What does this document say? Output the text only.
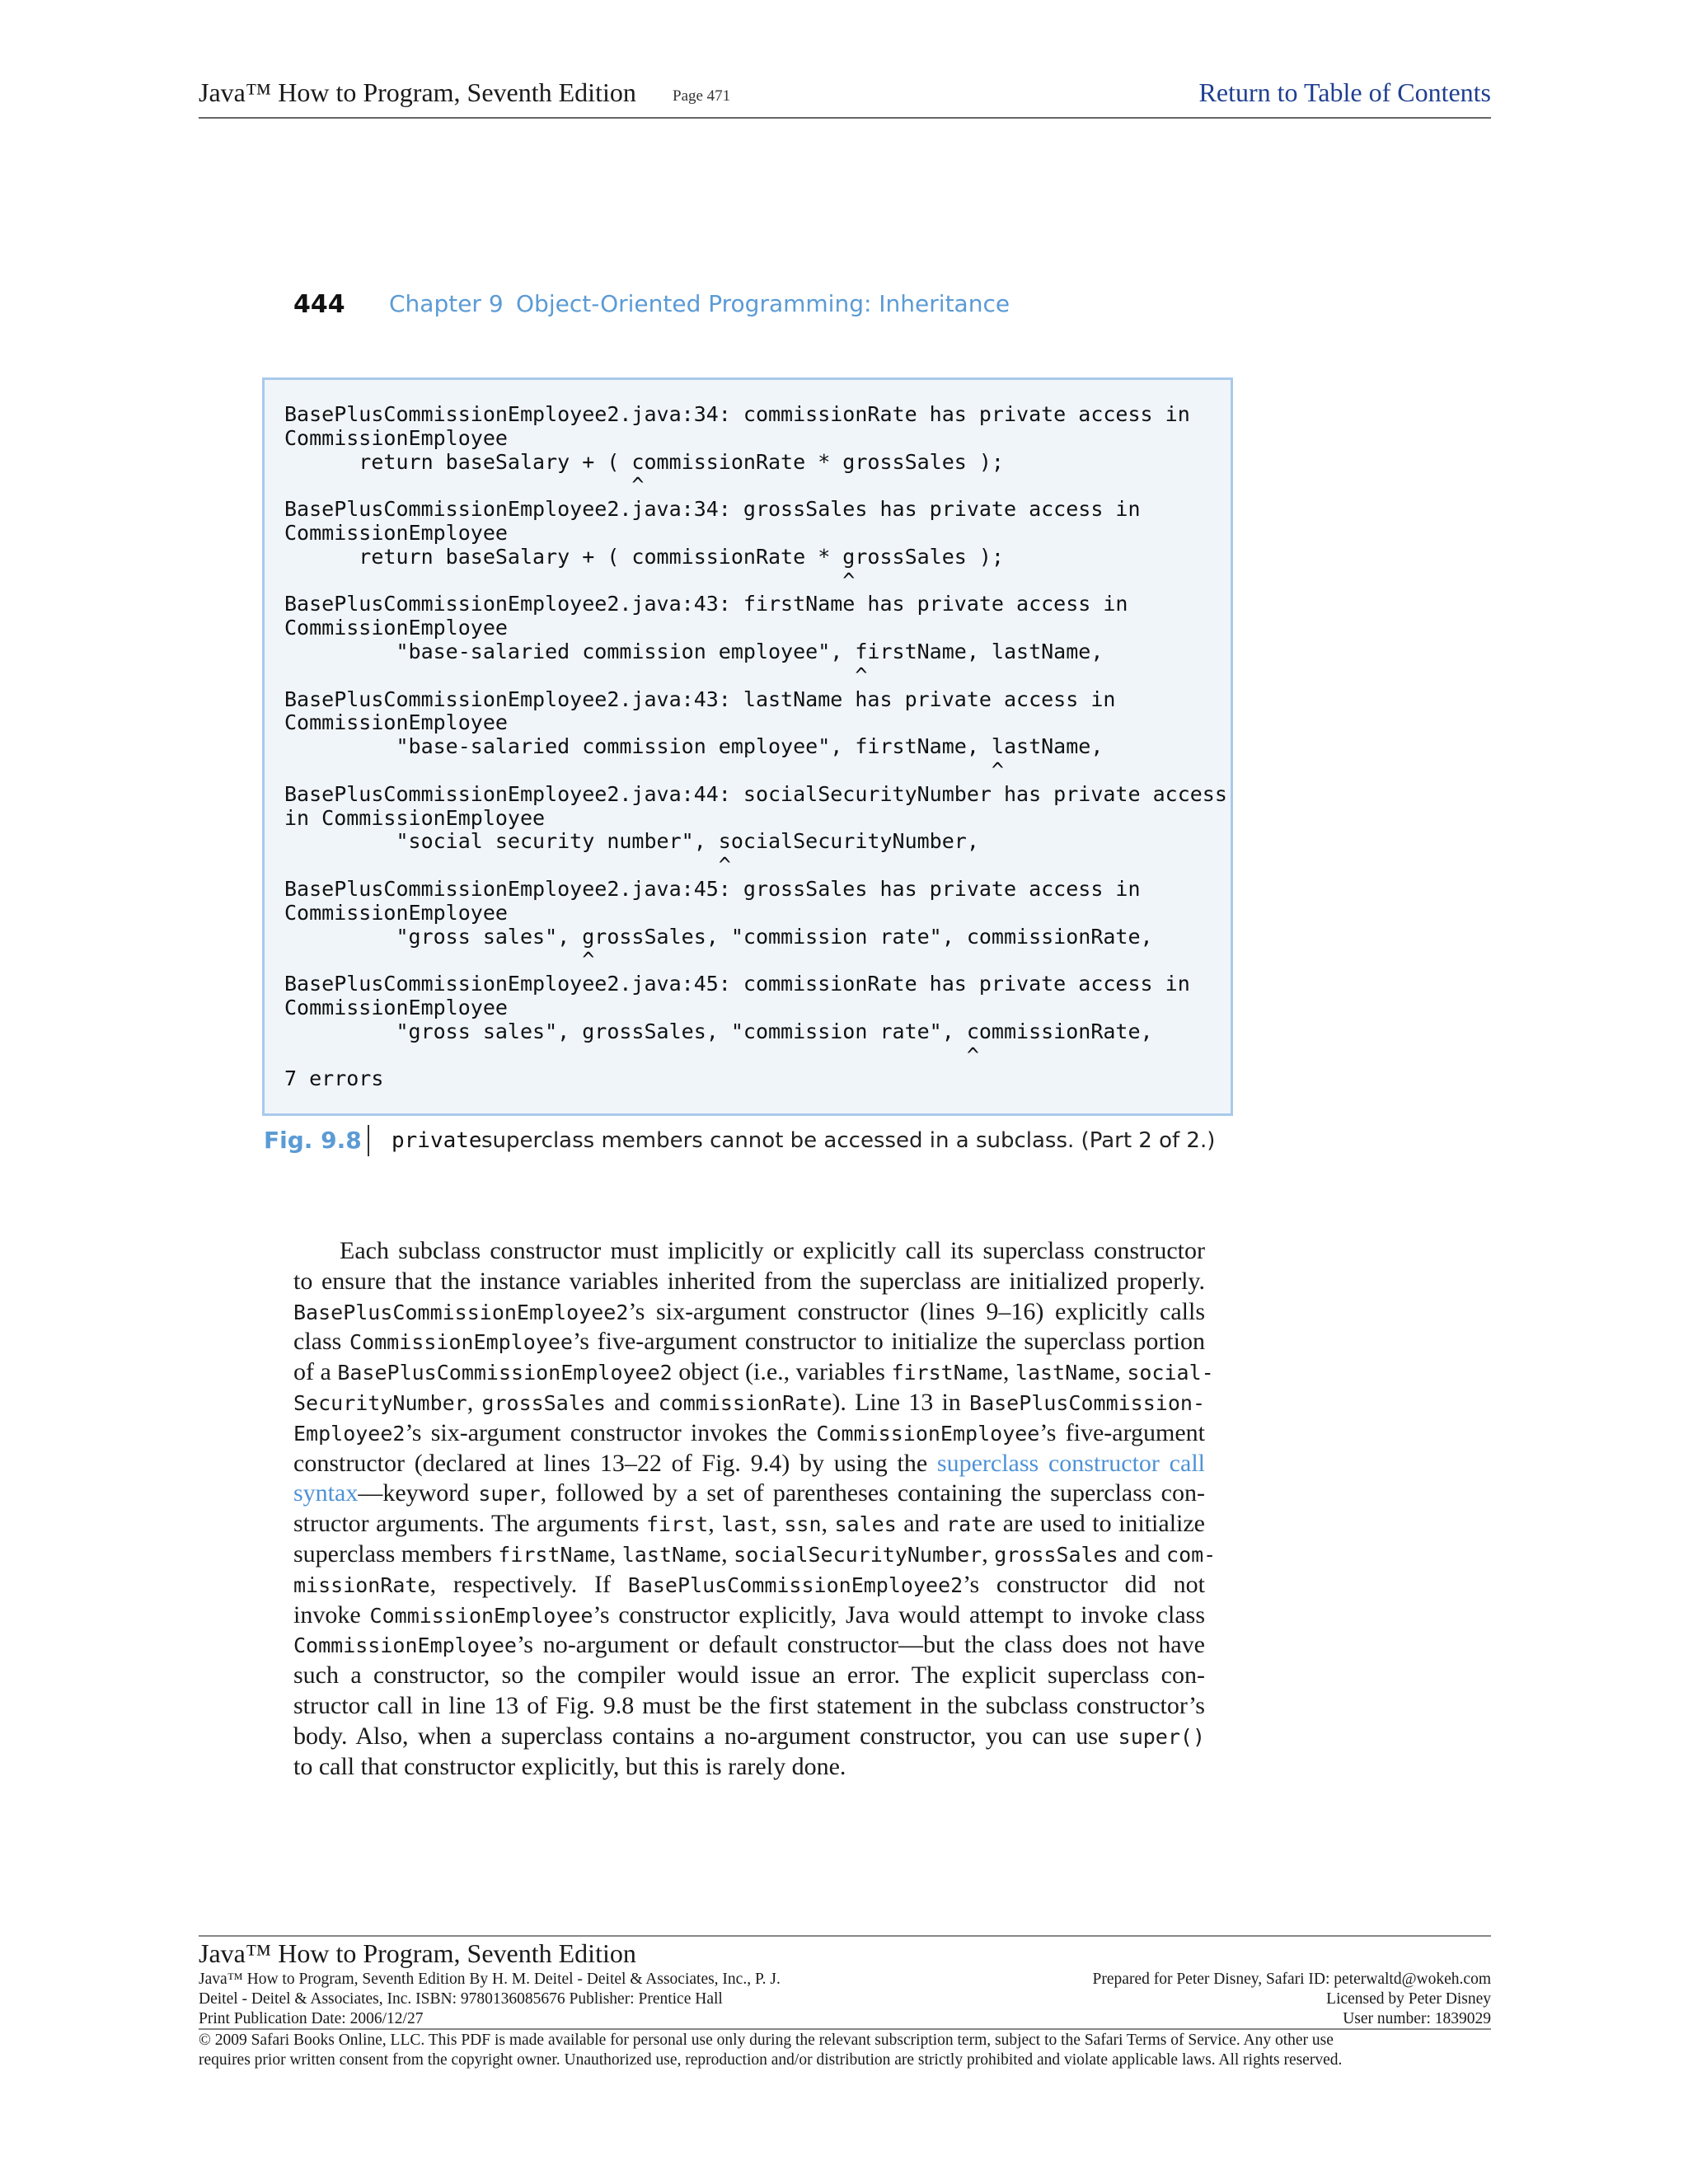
Java™ How to Program, Seventh Edition Page 471	Return to Table of Contents
444 Chapter 9 Object-Oriented Programming: Inheritance
BasePlusCommissionEmployee2.java:34: commissionRate has private access in
CommissionEmployee
return baseSalary + ( commissionRate * grossSales );
^
BasePlusCommissionEmployee2.java:34: grossSales has private access in
CommissionEmployee
return baseSalary + ( commissionRate * grossSales );
^
BasePlusCommissionEmployee2.java:43: firstName has private access in
CommissionEmployee
"base-salaried commission employee", firstName, lastName,
^
BasePlusCommissionEmployee2.java:43: lastName has private access in
CommissionEmployee
"base-salaried commission employee", firstName, lastName,
^
BasePlusCommissionEmployee2.java:44: socialSecurityNumber has private access
in CommissionEmployee
"social security number", socialSecurityNumber,
^
BasePlusCommissionEmployee2.java:45: grossSales has private access in
CommissionEmployee
"gross sales", grossSales, "commission rate", commissionRate,
^
BasePlusCommissionEmployee2.java:45: commissionRate has private access in
CommissionEmployee
"gross sales", grossSales, "commission rate", commissionRate,
^
7 errors
Fig. 9.8 private superclass members cannot be accessed in a subclass. (Part 2 of 2.)
Each subclass constructor must implicitly or explicitly call its superclass constructor
to ensure that the instance variables inherited from the superclass are initialized properly.
BasePlusCommissionEmployee2’s six-argument constructor (lines 9–16) explicitly calls
class CommissionEmployee’s five-argument constructor to initialize the superclass portion
of a BasePlusCommissionEmployee2 object (i.e., variables firstName, lastName, social-
SecurityNumber, grossSales and commissionRate). Line 13 in BasePlusCommission-
Employee2’s six-argument constructor invokes the CommissionEmployee’s five-argument
constructor (declared at lines 13–22 of Fig. 9.4) by using the superclass constructor call
syntax—keyword super, followed by a set of parentheses containing the superclass con-
structor arguments. The arguments first, last, ssn, sales and rate are used to initialize
superclass members firstName, lastName, socialSecurityNumber, grossSales and com-
missionRate, respectively. If BasePlusCommissionEmployee2’s constructor did not
invoke CommissionEmployee’s constructor explicitly, Java would attempt to invoke class
CommissionEmployee’s no-argument or default constructor—but the class does not have
such a constructor, so the compiler would issue an error. The explicit superclass con-
structor call in line 13 of Fig. 9.8 must be the first statement in the subclass constructor’s
body. Also, when a superclass contains a no-argument constructor, you can use super()
to call that constructor explicitly, but this is rarely done.
Java™ How to Program, Seventh Edition
Java™ How to Program, Seventh Edition By H. M. Deitel - Deitel & Associates, Inc., P. J.
Deitel - Deitel & Associates, Inc. ISBN: 9780136085676 Publisher: Prentice Hall
Print Publication Date: 2006/12/27
Prepared for Peter Disney, Safari ID: peterwaltd@wokeh.com
Licensed by Peter Disney
User number: 1839029
© 2009 Safari Books Online, LLC. This PDF is made available for personal use only during the relevant subscription term, subject to the Safari Terms of Service. Any other use
requires prior written consent from the copyright owner. Unauthorized use, reproduction and/or distribution are strictly prohibited and violate applicable laws. All rights reserved.
